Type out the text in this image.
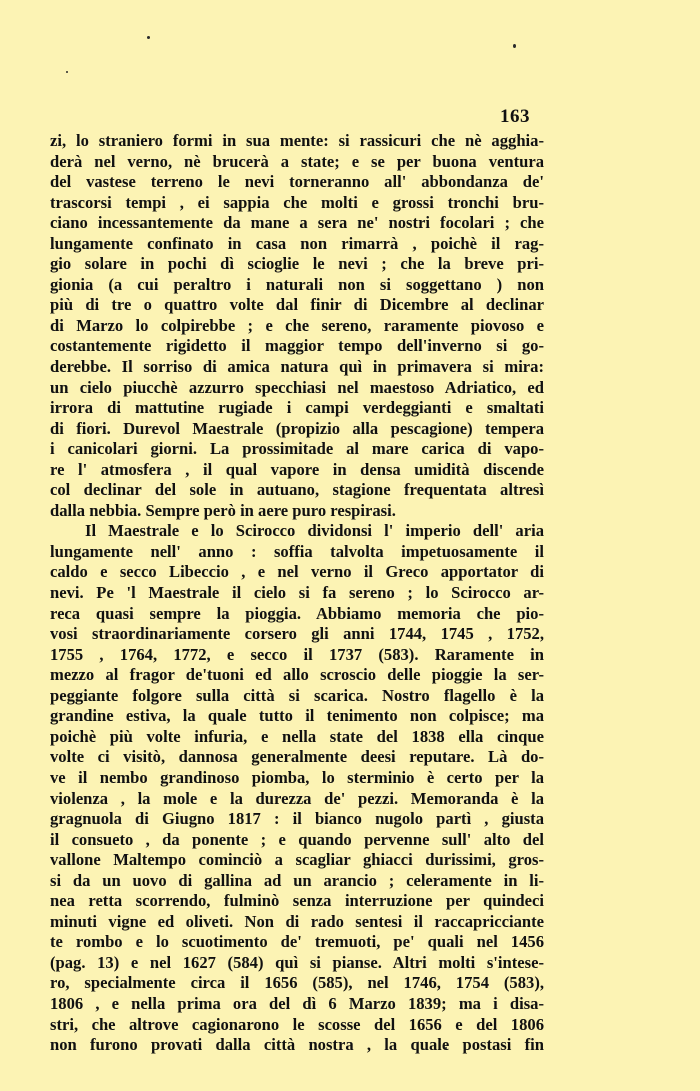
163
zi, lo straniero formi in sua mente: si rassicuri che nè agghia-
derà nel verno, nè brucerà a state; e se per buona ventura
del vastese terreno le nevi torneranno all' abbondanza de'
trascorsi tempi , ei sappia che molti e grossi tronchi bru-
ciano incessantemente da mane a sera ne' nostri focolari ; che
lungamente confinato in casa non rimarrà , poichè il rag-
gio solare in pochi dì scioglie le nevi ; che la breve pri-
gionia (a cui peraltro i naturali non si soggettano ) non
più di tre o quattro volte dal finir di Dicembre al declinar
di Marzo lo colpirebbe ; e che sereno, raramente piovoso e
costantemente rigidetto il maggior tempo dell'inverno si go-
derebbe. Il sorriso di amica natura quì in primavera si mira:
un cielo piucchè azzurro specchiasi nel maestoso Adriatico, ed
irrora di mattutine rugiade i campi verdeggianti e smaltati
di fiori. Durevol Maestrale (propizio alla pescagione) tempera
i canicolari giorni. La prossimitade al mare carica di vapo-
re l' atmosfera , il qual vapore in densa umidità discende
col declinar del sole in autuano, stagione frequentata altresì
dalla nebbia. Sempre però in aere puro respirasi.
Il Maestrale e lo Scirocco dividonsi l' imperio dell' aria
lungamente nell' anno : soffia talvolta impetuosamente il
caldo e secco Libeccio , e nel verno il Greco apportator di
nevi. Pe 'l Maestrale il cielo si fa sereno ; lo Scirocco ar-
reca quasi sempre la pioggia. Abbiamo memoria che pio-
vosi straordinariamente corsero gli anni 1744, 1745 , 1752,
1755 , 1764, 1772, e secco il 1737 (583). Raramente in
mezzo al fragor de'tuoni ed allo scroscio delle pioggie la ser-
peggiante folgore sulla città si scarica. Nostro flagello è la
grandine estiva, la quale tutto il tenimento non colpisce; ma
poichè più volte infuria, e nella state del 1838 ella cinque
volte ci visitò, dannosa generalmente deesi reputare. Là do-
ve il nembo grandinoso piomba, lo sterminio è certo per la
violenza , la mole e la durezza de' pezzi. Memoranda è la
gragnuola di Giugno 1817 : il bianco nugolo partì , giusta
il consueto , da ponente ; e quando pervenne sull' alto del
vallone Maltempo cominciò a scagliar ghiacci durissimi, gros-
si da un uovo di gallina ad un arancio ; celeramente in li-
nea retta scorrendo, fulminò senza interruzione per quindeci
minuti vigne ed oliveti. Non di rado sentesi il raccapricciante
te rombo e lo scuotimento de' tremuoti, pe' quali nel 1456
(pag. 13) e nel 1627 (584) quì si pianse. Altri molti s'intese-
ro, specialmente circa il 1656 (585), nel 1746, 1754 (583),
1806 , e nella prima ora del dì 6 Marzo 1839; ma i disa-
stri, che altrove cagionarono le scosse del 1656 e del 1806
non furono provati dalla città nostra , la quale postasi fin
